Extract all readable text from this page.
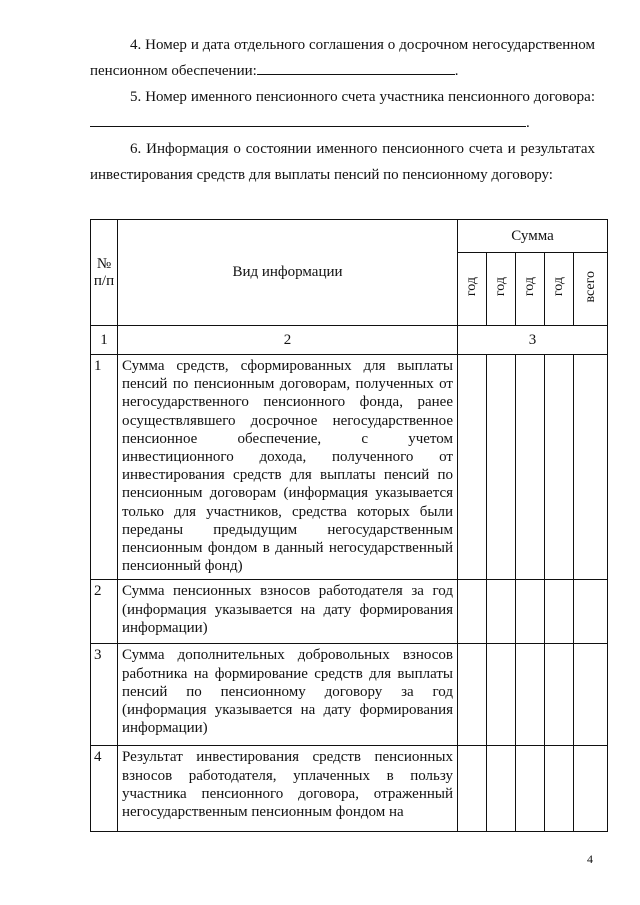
4. Номер и дата отдельного соглашения о досрочном негосударственном пенсионном обеспечении:	.

5. Номер именного пенсионного счета участника пенсионного договора:.

6. Информация о состоянии именного пенсионного счета и результатах инвестирования средств для выплаты пенсий по пенсионному договору:

№ п/п	Вид информации	Сумма				
		год	год	год	год	всего
1	2	3				
1	Сумма средств, сформированных для выплаты пенсий по пенсионным договорам, полученных от негосударственного пенсионного фонда, ранее осуществлявшего досрочное негосударственное пенсионное обеспечение, с учетом инвестиционного дохода, полученного от инвестирования средств для выплаты пенсий по пенсионным договорам (информация указывается только для участников, средства которых были переданы предыдущим негосударственным пенсионным фондом в данный негосударственный пенсионный фонд)					
2	Сумма пенсионных взносов работодателя за год (информация указывается на дату формирования информации)					
3	Сумма дополнительных добровольных взносов работника на формирование средств для выплаты пенсий по пенсионному договору за год (информация указывается на дату формирования информации)					
4	Результат инвестирования средств пенсионных взносов работодателя, уплаченных в пользу участника пенсионного договора, отраженный негосударственным пенсионным фондом на					
4
